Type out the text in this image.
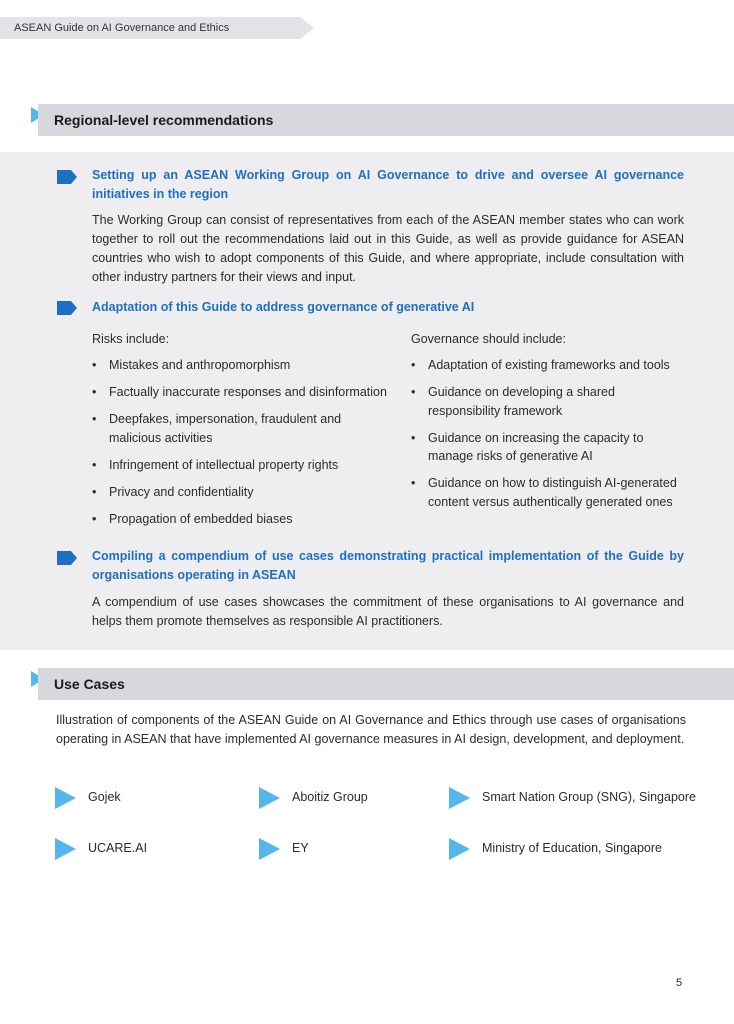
ASEAN Guide on AI Governance and Ethics
Regional-level recommendations

Setting up an ASEAN Working Group on AI Governance to drive and oversee AI governance initiatives in the region

The Working Group can consist of representatives from each of the ASEAN member states who can work together to roll out the recommendations laid out in this Guide, as well as provide guidance for ASEAN countries who wish to adopt components of this Guide, and where appropriate, include consultation with other industry partners for their views and input.

Adaptation of this Guide to address governance of generative AI

Risks include:

• Mistakes and anthropomorphism
• Factually inaccurate responses and disinformation
• Deepfakes, impersonation, fraudulent and malicious activities
• Infringement of intellectual property rights
• Privacy and confidentiality
• Propagation of embedded biases

Governance should include:

• Adaptation of existing frameworks and tools
• Guidance on developing a shared responsibility framework
• Guidance on increasing the capacity to manage risks of generative AI
• Guidance on how to distinguish AI-generated content versus authentically generated ones

Compiling a compendium of use cases demonstrating practical implementation of the Guide by organisations operating in ASEAN

A compendium of use cases showcases the commitment of these organisations to AI governance and helps them promote themselves as responsible AI practitioners.

Use Cases

Illustration of components of the ASEAN Guide on AI Governance and Ethics through use cases of organisations operating in ASEAN that have implemented AI governance measures in AI design, development, and deployment.

Gojek	Aboitiz Group	Smart Nation Group (SNG), Singapore
UCARE.AI	EY	Ministry of Education, Singapore
5
